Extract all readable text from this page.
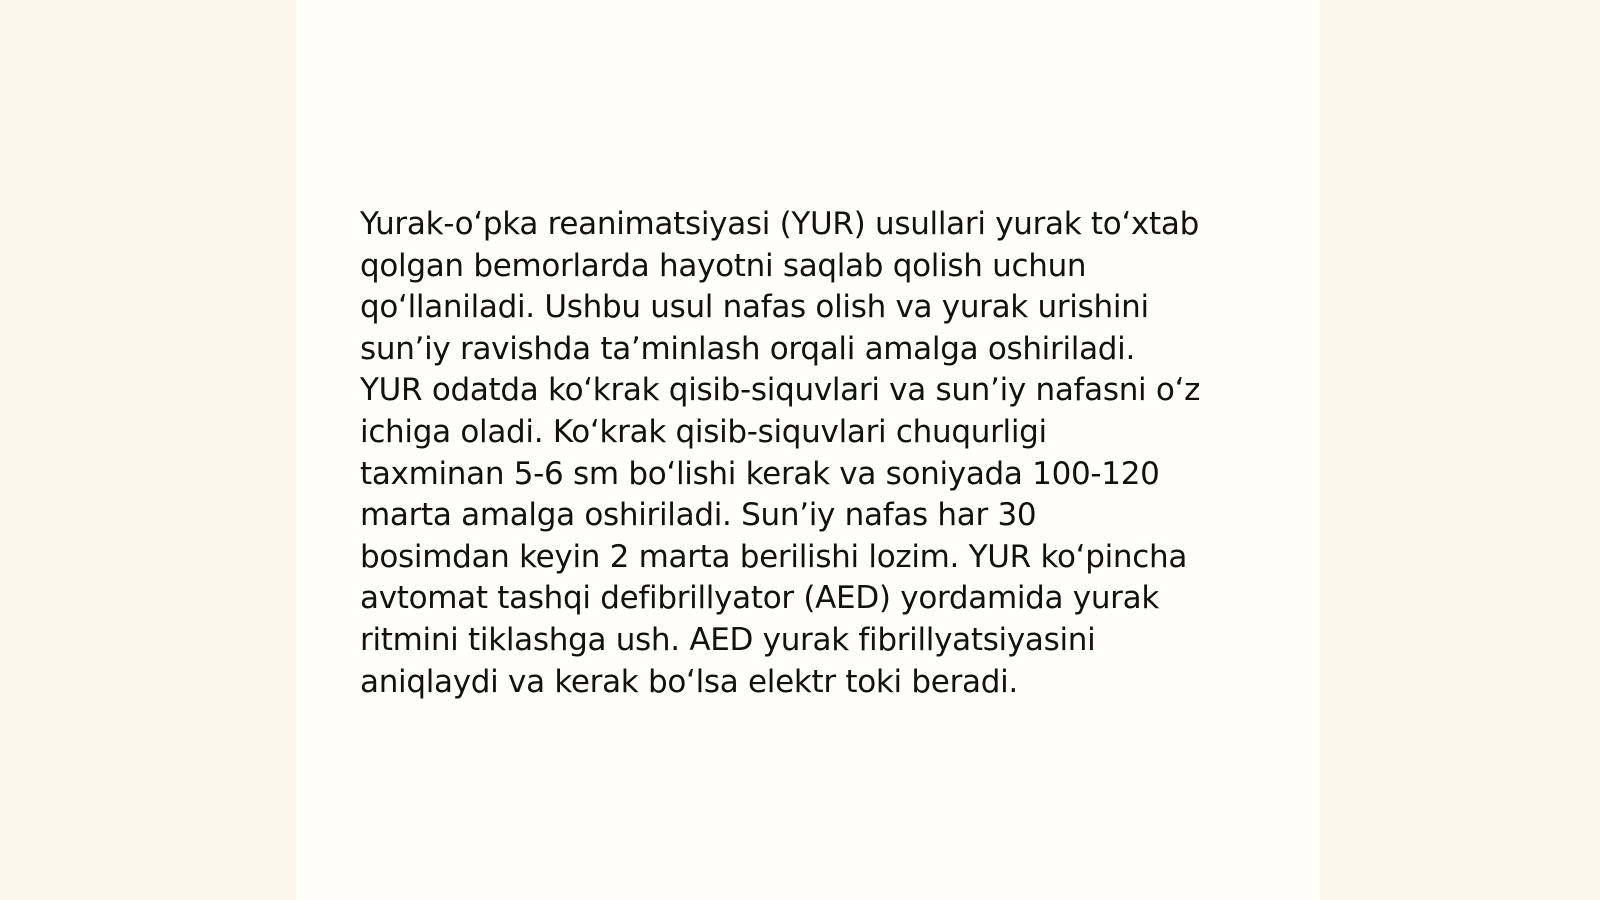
Yurak-o‘pka reanimatsiyasi (YUR) usullari yurak to‘xtab
qolgan bemorlarda hayotni saqlab qolish uchun
qo‘llaniladi. Ushbu usul nafas olish va yurak urishini
sun’iy ravishda ta’minlash orqali amalga oshiriladi.
YUR odatda ko‘krak qisib-siquvlari va sun’iy nafasni o‘z
ichiga oladi. Ko‘krak qisib-siquvlari chuqurligi
taxminan 5-6 sm bo‘lishi kerak va soniyada 100-120
marta amalga oshiriladi. Sun’iy nafas har 30
bosimdan keyin 2 marta berilishi lozim. YUR ko‘pincha
avtomat tashqi defibrillyator (AED) yordamida yurak
ritmini tiklashga ush. AED yurak fibrillyatsiyasini
aniqlaydi va kerak bo‘lsa elektr toki beradi.
